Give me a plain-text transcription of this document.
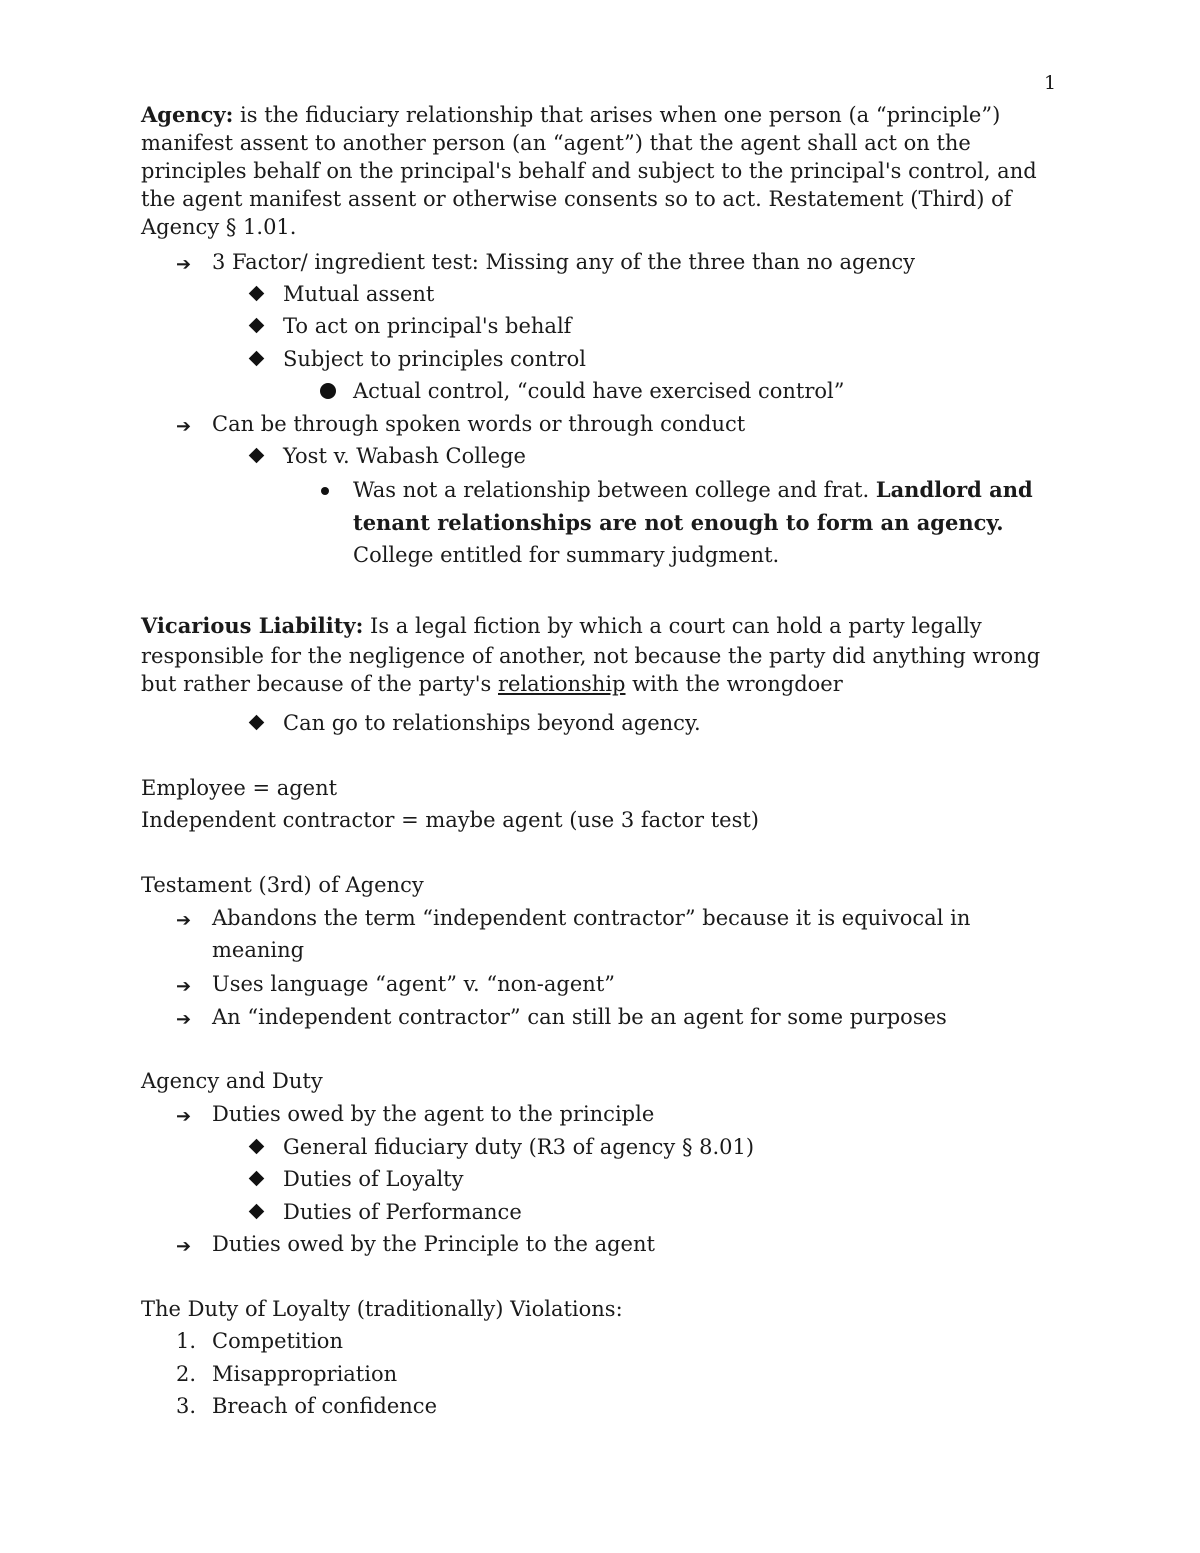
1
Agency: is the fiduciary relationship that arises when one person (a “principle”)
manifest assent to another person (an “agent”) that the agent shall act on the
principles behalf on the principal's behalf and subject to the principal's control, and
the agent manifest assent or otherwise consents so to act. Restatement (Third) of
Agency § 1.01.
➔ 3 Factor/ ingredient test: Missing any of the three than no agency
Mutual assent
To act on principal's behalf
Subject to principles control
Actual control, “could have exercised control”
➔ Can be through spoken words or through conduct
Yost v. Wabash College
Was not a relationship between college and frat. Landlord and
tenant relationships are not enough to form an agency.
College entitled for summary judgment.
Vicarious Liability: Is a legal fiction by which a court can hold a party legally
responsible for the negligence of another, not because the party did anything wrong
but rather because of the party's relationship with the wrongdoer
Can go to relationships beyond agency.
Employee = agent
Independent contractor = maybe agent (use 3 factor test)
Testament (3rd) of Agency
➔ Abandons the term “independent contractor” because it is equivocal in
meaning
➔ Uses language “agent” v. “non-agent”
➔ An “independent contractor” can still be an agent for some purposes
Agency and Duty
➔ Duties owed by the agent to the principle
General fiduciary duty (R3 of agency § 8.01)
Duties of Loyalty
Duties of Performance
➔ Duties owed by the Principle to the agent
The Duty of Loyalty (traditionally) Violations:
1. Competition
2. Misappropriation
3. Breach of confidence
